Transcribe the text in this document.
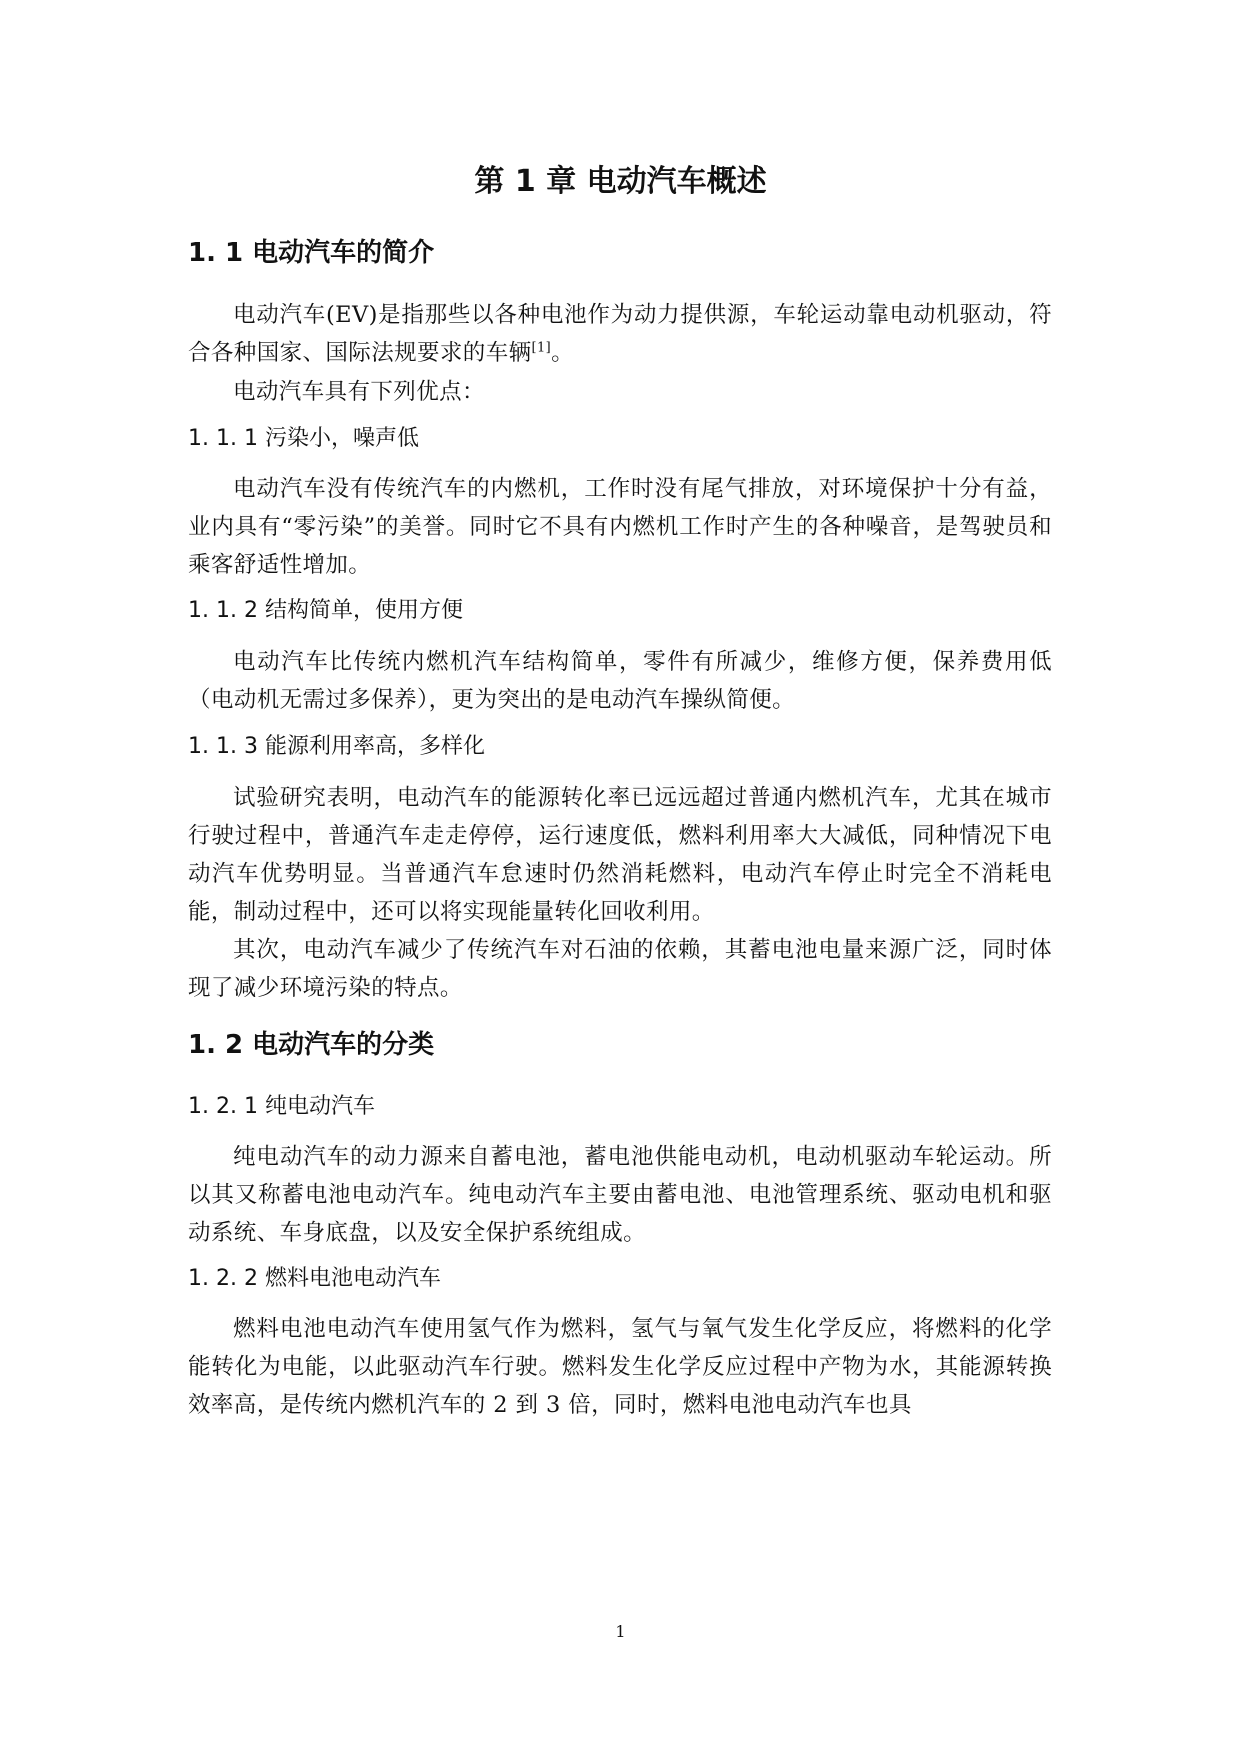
第 1 章 电动汽车概述
1. 1 电动汽车的简介

电动汽车(EV)是指那些以各种电池作为动力提供源，车轮运动靠电动机驱动，符合各种国家、国际法规要求的车辆[1]。

电动汽车具有下列优点：

1. 1. 1 污染小，噪声低

电动汽车没有传统汽车的内燃机，工作时没有尾气排放，对环境保护十分有益，业内具有“零污染”的美誉。同时它不具有内燃机工作时产生的各种噪音，是驾驶员和乘客舒适性增加。

1. 1. 2 结构简单，使用方便

电动汽车比传统内燃机汽车结构简单，零件有所减少，维修方便，保养费用低（电动机无需过多保养），更为突出的是电动汽车操纵简便。

1. 1. 3 能源利用率高，多样化

试验研究表明，电动汽车的能源转化率已远远超过普通内燃机汽车，尤其在城市行驶过程中，普通汽车走走停停，运行速度低，燃料利用率大大减低，同种情况下电动汽车优势明显。当普通汽车怠速时仍然消耗燃料，电动汽车停止时完全不消耗电能，制动过程中，还可以将实现能量转化回收利用。

其次，电动汽车减少了传统汽车对石油的依赖，其蓄电池电量来源广泛，同时体现了减少环境污染的特点。

1. 2 电动汽车的分类
1. 2. 1 纯电动汽车

纯电动汽车的动力源来自蓄电池，蓄电池供能电动机，电动机驱动车轮运动。所以其又称蓄电池电动汽车。纯电动汽车主要由蓄电池、电池管理系统、驱动电机和驱动系统、车身底盘，以及安全保护系统组成。

1. 2. 2 燃料电池电动汽车

燃料电池电动汽车使用氢气作为燃料，氢气与氧气发生化学反应，将燃料的化学能转化为电能，以此驱动汽车行驶。燃料发生化学反应过程中产物为水，其能源转换效率高，是传统内燃机汽车的 2 到 3 倍，同时，燃料电池电动汽车也具

1
